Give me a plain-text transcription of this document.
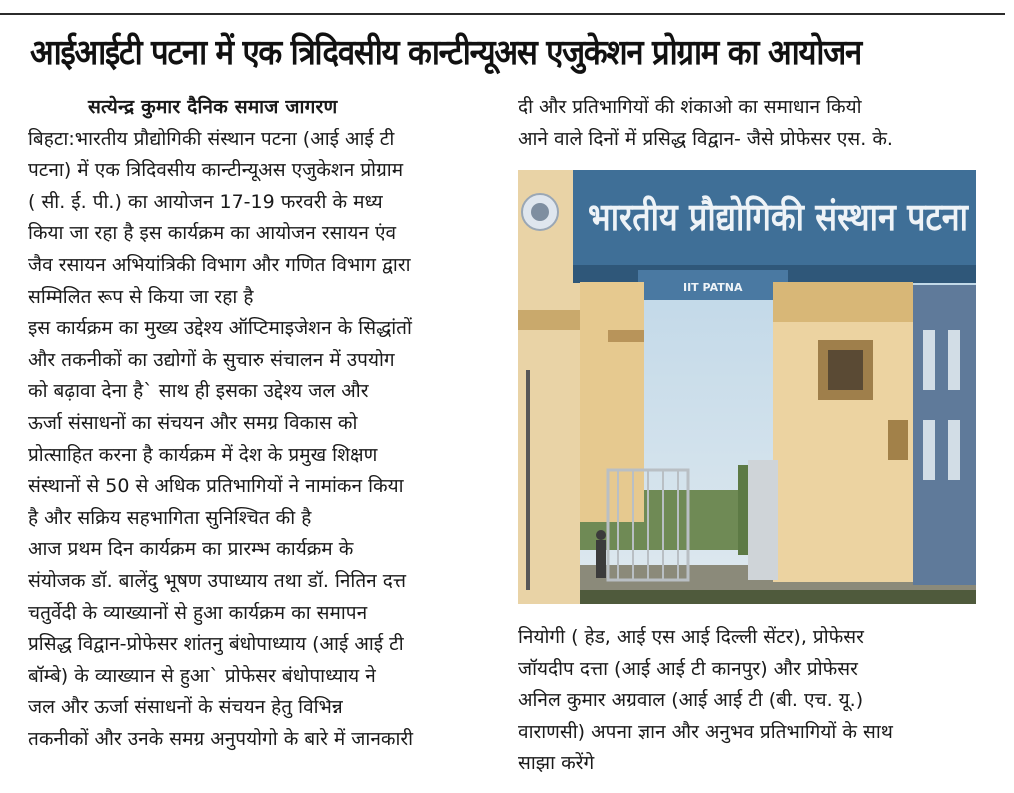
आईआईटी पटना में एक त्रिदिवसीय कान्टीन्यूअस एजुकेशन प्रोग्राम का आयोजन

सत्येन्द्र कुमार दैनिक समाज जागरण

बिहटा:भारतीय प्रौद्योगिकी संस्थान पटना (आई आई टी

पटना) में एक त्रिदिवसीय कान्टीन्यूअस एजुकेशन प्रोग्राम

( सी. ई. पी.) का आयोजन 17-19 फरवरी के मध्य

किया जा रहा है इस कार्यक्रम का आयोजन रसायन एंव

जैव रसायन अभियांत्रिकी विभाग और गणित विभाग द्वारा

सम्मिलित रूप से किया जा रहा है

इस कार्यक्रम का मुख्य उद्देश्य ऑप्टिमाइजेशन के सिद्धांतों

और तकनीकों का उद्योगों के सुचारु संचालन में उपयोग

को बढ़ावा देना है` साथ ही इसका उद्देश्य जल और

ऊर्जा संसाधनों का संचयन और समग्र विकास को

प्रोत्साहित करना है कार्यक्रम में देश के प्रमुख शिक्षण

संस्थानों से 50 से अधिक प्रतिभागियों ने नामांकन किया

है और सक्रिय सहभागिता सुनिश्चित की है

आज प्रथम दिन कार्यक्रम का प्रारम्भ कार्यक्रम के

संयोजक डॉ. बालेंदु भूषण उपाध्याय तथा डॉ. नितिन दत्त

चतुर्वेदी के व्याख्यानों से हुआ कार्यक्रम का समापन

प्रसिद्ध विद्वान-प्रोफेसर शांतनु बंधोपाध्याय (आई आई टी

बॉम्बे) के व्याख्यान से हुआ` प्रोफेसर बंधोपाध्याय ने

जल और ऊर्जा संसाधनों के संचयन हेतु विभिन्न

तकनीकों और उनके समग्र अनुपयोगो के बारे में जानकारी

दी और प्रतिभागियों की शंकाओ का समाधान कियो

आने वाले दिनों में प्रसिद्ध विद्वान- जैसे प्रोफेसर एस. के.

भारतीय प्रौद्योगिकी संस्थान पटना
IIT PATNA

नियोगी ( हेड, आई एस आई दिल्ली सेंटर), प्रोफेसर

जॉयदीप दत्ता (आई आई टी कानपुर) और प्रोफेसर

अनिल कुमार अग्रवाल (आई आई टी (बी. एच. यू.)

वाराणसी) अपना ज्ञान और अनुभव प्रतिभागियों के साथ

साझा करेंगे
